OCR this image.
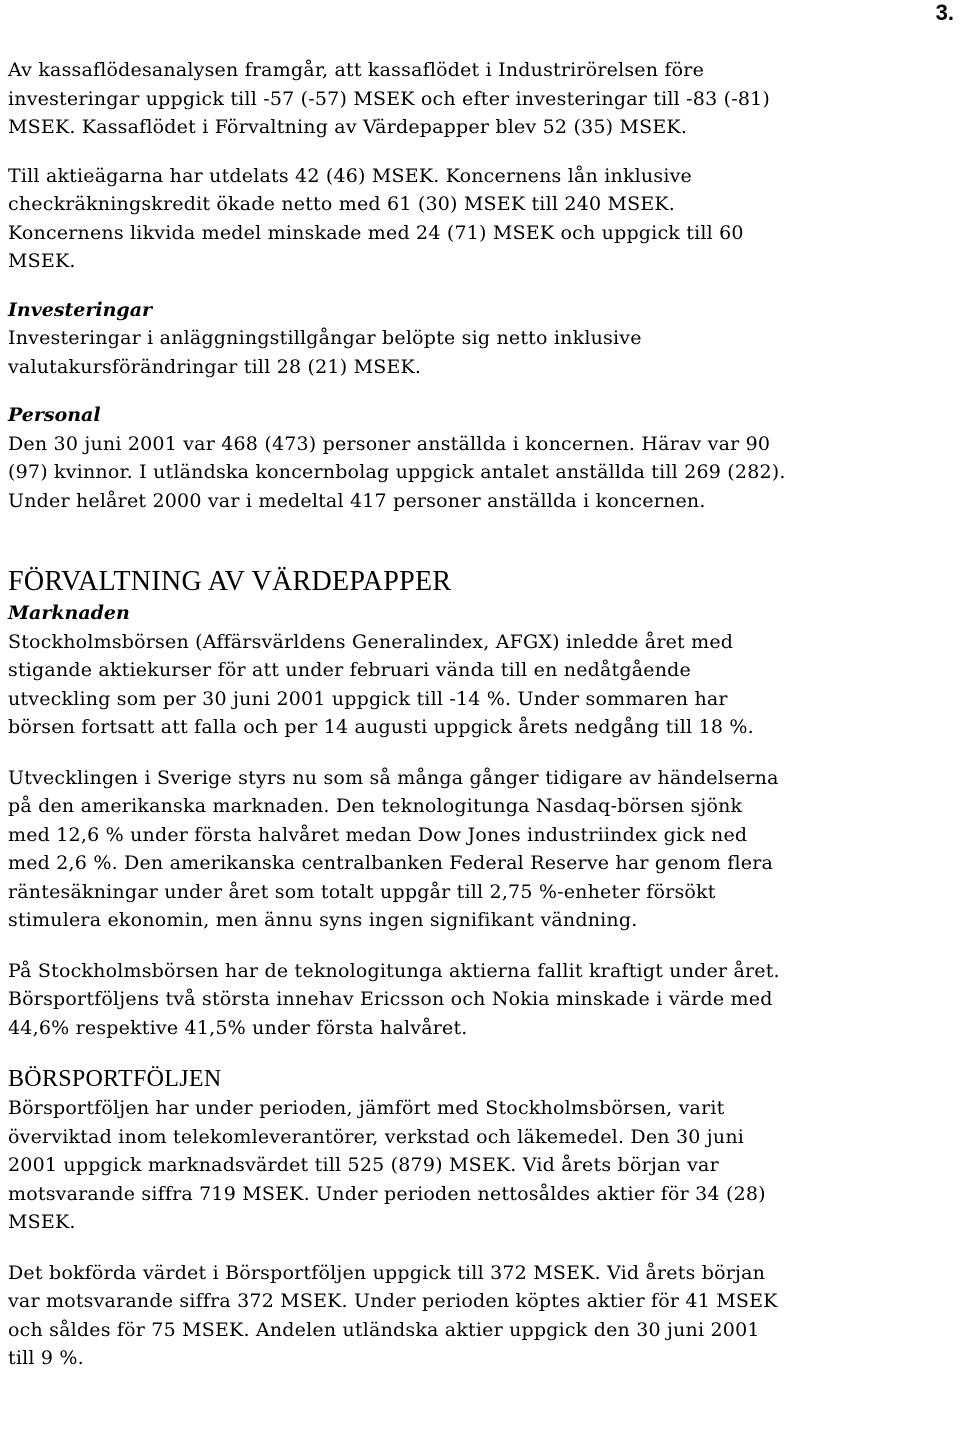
3.

Av kassaflödesanalysen framgår, att kassaflödet i Industrirörelsen före
investeringar uppgick till -57 (-57) MSEK och efter investeringar till -83 (-81)
MSEK. Kassaflödet i Förvaltning av Värdepapper blev 52 (35) MSEK.

Till aktieägarna har utdelats 42 (46) MSEK. Koncernens lån inklusive
checkräkningskredit ökade netto med 61 (30) MSEK till 240 MSEK.
Koncernens likvida medel minskade med 24 (71) MSEK och uppgick till 60
MSEK.

Investeringar

Investeringar i anläggningstillgångar belöpte sig netto inklusive
valutakursförändringar till 28 (21) MSEK.

Personal

Den 30 juni 2001 var 468 (473) personer anställda i koncernen. Härav var 90
(97) kvinnor. I utländska koncernbolag uppgick antalet anställda till 269 (282).
Under helåret 2000 var i medeltal 417 personer anställda i koncernen.

FÖRVALTNING AV VÄRDEPAPPER
Marknaden

Stockholmsbörsen (Affärsvärldens Generalindex, AFGX) inledde året med
stigande aktiekurser för att under februari vända till en nedåtgående
utveckling som per 30 juni 2001 uppgick till -14 %. Under sommaren har
börsen fortsatt att falla och per 14 augusti uppgick årets nedgång till 18 %.

Utvecklingen i Sverige styrs nu som så många gånger tidigare av händelserna
på den amerikanska marknaden. Den teknologitunga Nasdaq-börsen sjönk
med 12,6 % under första halvåret medan Dow Jones industriindex gick ned
med 2,6 %. Den amerikanska centralbanken Federal Reserve har genom flera
räntesäkningar under året som totalt uppgår till 2,75 %-enheter försökt
stimulera ekonomin, men ännu syns ingen signifikant vändning.

På Stockholmsbörsen har de teknologitunga aktierna fallit kraftigt under året.
Börsportföljens två största innehav Ericsson och Nokia minskade i värde med
44,6% respektive 41,5% under första halvåret.

BÖRSPORTFÖLJEN

Börsportföljen har under perioden, jämfört med Stockholmsbörsen, varit
överviktad inom telekomleverantörer, verkstad och läkemedel. Den 30 juni
2001 uppgick marknadsvärdet till 525 (879) MSEK. Vid årets början var
motsvarande siffra 719 MSEK. Under perioden nettosåldes aktier för 34 (28)
MSEK.

Det bokförda värdet i Börsportföljen uppgick till 372 MSEK. Vid årets början
var motsvarande siffra 372 MSEK. Under perioden köptes aktier för 41 MSEK
och såldes för 75 MSEK. Andelen utländska aktier uppgick den 30 juni 2001
till 9 %.
